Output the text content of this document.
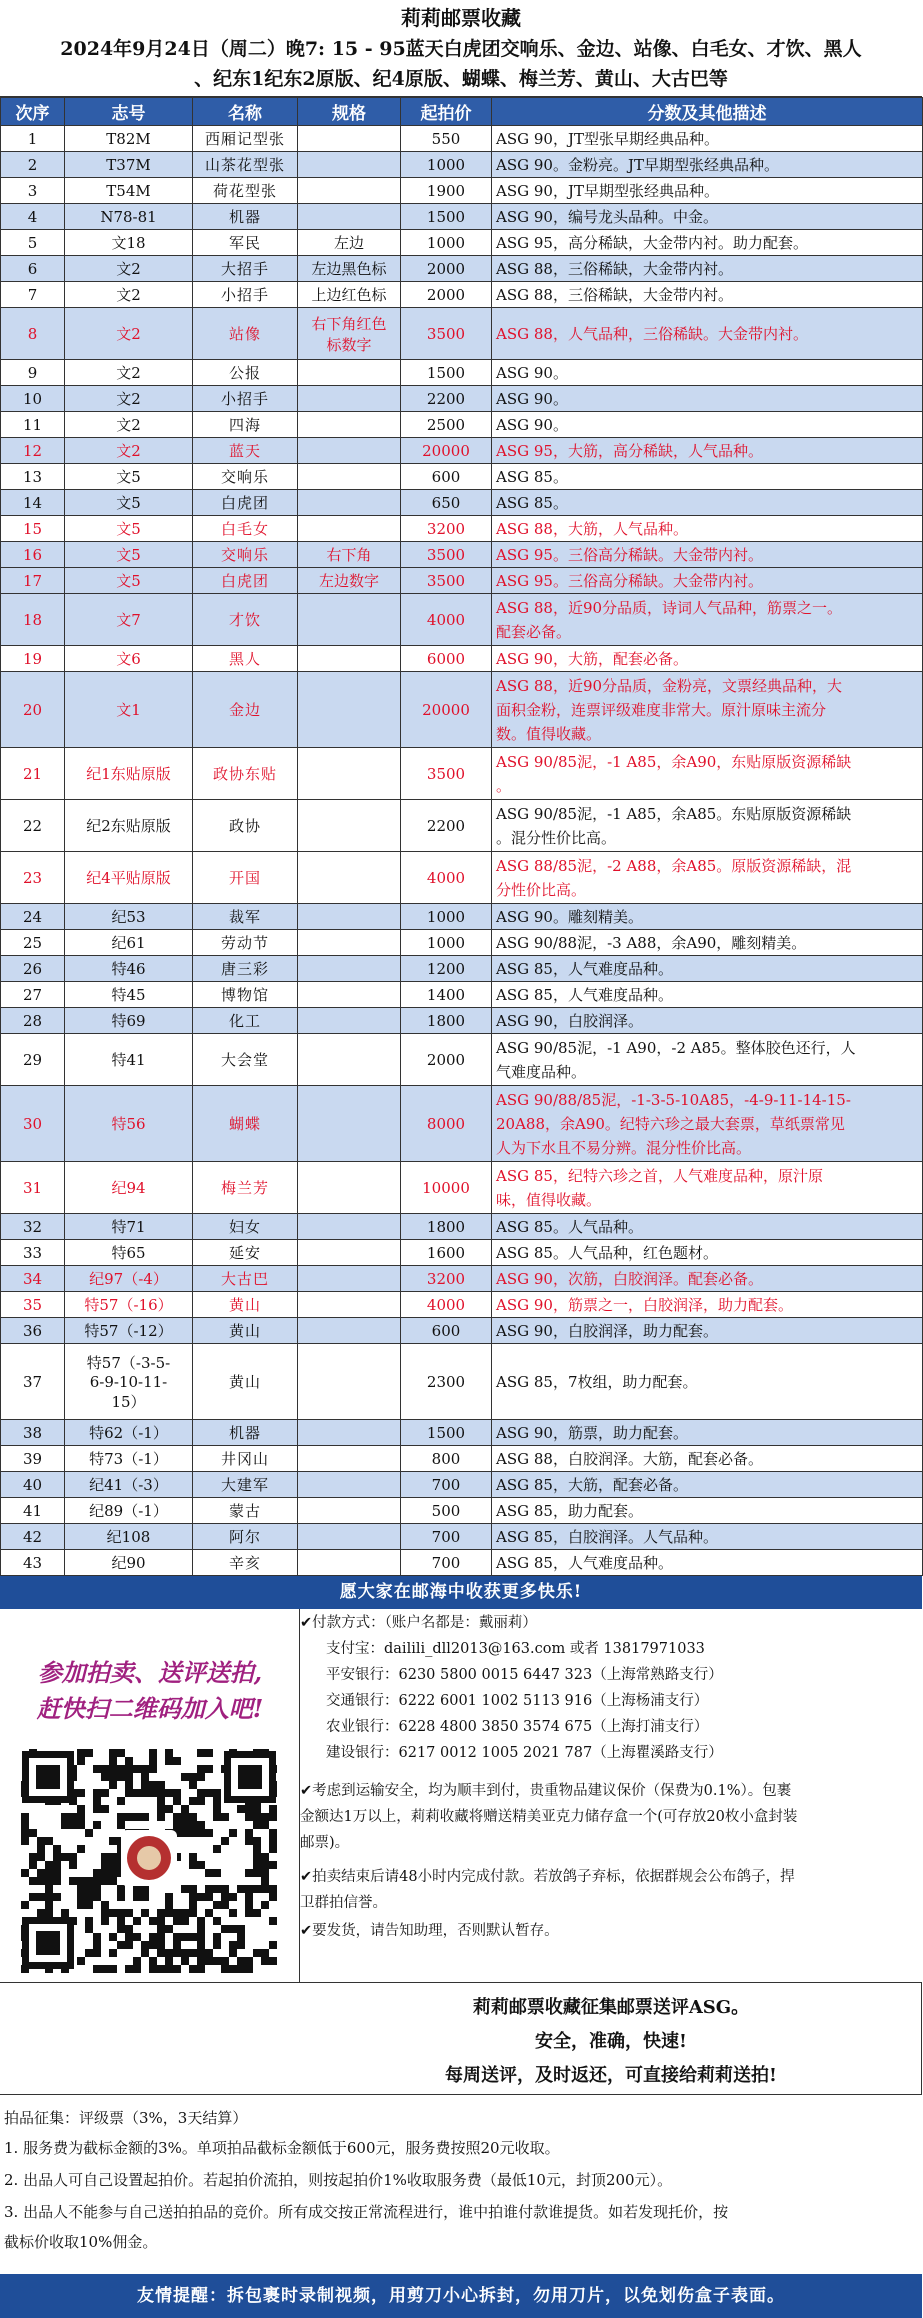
莉莉邮票收藏
2024年9月24日（周二）晚7: 15 - 95蓝天白虎团交响乐、金边、站像、白毛女、才饮、黑人
、纪东1纪东2原版、纪4原版、蝴蝶、梅兰芳、黄山、大古巴等
次序	志号	名称	规格	起拍价	分数及其他描述
1	T82M	西厢记型张		550	ASG 90，JT型张早期经典品种。

2	T37M	山茶花型张		1000	ASG 90。金粉亮。JT早期型张经典品种。

3	T54M	荷花型张		1900	ASG 90，JT早期型张经典品种。

4	N78-81	机器		1500	ASG 90，编号龙头品种。中金。

5	文18	军民	左边	1000	ASG 95，高分稀缺，大金带内衬。助力配套。

6	文2	大招手	左边黑色标	2000	ASG 88，三俗稀缺，大金带内衬。

7	文2	小招手	上边红色标	2000	ASG 88，三俗稀缺，大金带内衬。

8	文2	站像	右下角红色
标数字	3500	ASG 88，人气品种，三俗稀缺。大金带内衬。

9	文2	公报		1500	ASG 90。

10	文2	小招手		2200	ASG 90。

11	文2	四海		2500	ASG 90。

12	文2	蓝天		20000	ASG 95，大筋，高分稀缺，人气品种。

13	文5	交响乐		600	ASG 85。

14	文5	白虎团		650	ASG 85。

15	文5	白毛女		3200	ASG 88，大筋，人气品种。

16	文5	交响乐	右下角	3500	ASG 95。三俗高分稀缺。大金带内衬。

17	文5	白虎团	左边数字	3500	ASG 95。三俗高分稀缺。大金带内衬。

18	文7	才饮		4000	ASG 88，近90分品质，诗词人气品种，筋票之一。
配套必备。

19	文6	黑人		6000	ASG 90，大筋，配套必备。

20	文1	金边		20000	ASG 88，近90分品质，金粉亮，文票经典品种，大
面积金粉，连票评级难度非常大。原汁原味主流分
数。值得收藏。

21	纪1东贴原版	政协东贴		3500	ASG 90/85泥，-1 A85，余A90，东贴原版资源稀缺
。

22	纪2东贴原版	政协		2200	ASG 90/85泥，-1 A85，余A85。东贴原版资源稀缺
。混分性价比高。

23	纪4平贴原版	开国		4000	ASG 88/85泥，-2 A88，余A85。原版资源稀缺，混
分性价比高。

24	纪53	裁军		1000	ASG 90。雕刻精美。

25	纪61	劳动节		1000	ASG 90/88泥，-3 A88，余A90，雕刻精美。

26	特46	唐三彩		1200	ASG 85，人气难度品种。

27	特45	博物馆		1400	ASG 85，人气难度品种。

28	特69	化工		1800	ASG 90，白胶润泽。

29	特41	大会堂		2000	ASG 90/85泥，-1 A90，-2 A85。整体胶色还行，人
气难度品种。

30	特56	蝴蝶		8000	ASG 90/88/85泥，-1-3-5-10A85，-4-9-11-14-15-
20A88，余A90。纪特六珍之最大套票，草纸票常见
人为下水且不易分辨。混分性价比高。

31	纪94	梅兰芳		10000	ASG 85，纪特六珍之首，人气难度品种，原汁原
味，值得收藏。

32	特71	妇女		1800	ASG 85。人气品种。

33	特65	延安		1600	ASG 85。人气品种，红色题材。

34	纪97（-4）	大古巴		3200	ASG 90，次筋，白胶润泽。配套必备。

35	特57（-16）	黄山		4000	ASG 90，筋票之一，白胶润泽，助力配套。

36	特57（-12）	黄山		600	ASG 90，白胶润泽，助力配套。

37	特57（-3-5-
6-9-10-11-
15）	黄山		2300	ASG 85，7枚组，助力配套。

38	特62（-1）	机器		1500	ASG 90，筋票，助力配套。

39	特73（-1）	井冈山		800	ASG 88，白胶润泽。大筋，配套必备。

40	纪41（-3）	大建军		700	ASG 85，大筋，配套必备。

41	纪89（-1）	蒙古		500	ASG 85，助力配套。

42	纪108	阿尔		700	ASG 85，白胶润泽。人气品种。

43	纪90	辛亥		700	ASG 85，人气难度品种。
愿大家在邮海中收获更多快乐!
参加拍卖、送评送拍,
赶快扫二维码加入吧!
✔付款方式：（账户名都是：戴丽莉）
支付宝：dailili_dll2013@163.com 或者 13817971033
平安银行：6230 5800 0015 6447 323（上海常熟路支行）
交通银行：6222 6001 1002 5113 916（上海杨浦支行）
农业银行：6228 4800 3850 3574 675（上海打浦支行）
建设银行：6217 0012 1005 2021 787（上海瞿溪路支行）
✔考虑到运输安全，均为顺丰到付，贵重物品建议保价（保费为0.1%）。包裹
金额达1万以上，莉莉收藏将赠送精美亚克力储存盒一个(可存放20枚小盒封装
邮票)。
✔拍卖结束后请48小时内完成付款。若放鸽子弃标，依据群规会公布鸽子，捍
卫群拍信誉。
✔要发货，请告知助理，否则默认暂存。
莉莉邮票收藏征集邮票送评ASG。
安全，准确，快速!
每周送评，及时返还，可直接给莉莉送拍!
拍品征集：评级票（3%，3天结算）
1. 服务费为截标金额的3%。单项拍品截标金额低于600元，服务费按照20元收取。
2. 出品人可自己设置起拍价。若起拍价流拍，则按起拍价1%收取服务费（最低10元，封顶200元）。
3. 出品人不能参与自己送拍拍品的竞价。所有成交按正常流程进行，谁中拍谁付款谁提货。如若发现托价，按
截标价收取10%佣金。
友情提醒：拆包裹时录制视频，用剪刀小心拆封，勿用刀片，以免划伤盒子表面。
